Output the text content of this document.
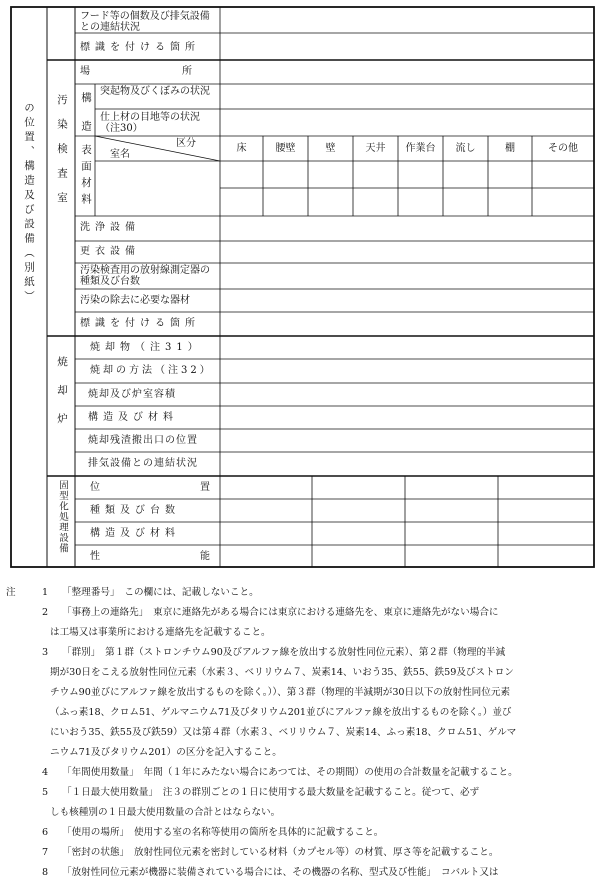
の位置、構造及び設備（別紙）
フード等の個数及び排気設備との連結状況
標識を付ける箇所
汚染検査室
場所
構造
突起物及びくぼみの状況
仕上材の目地等の状況（注30）
表面材料
区分
室名
床	腰壁	壁	天井	作業台	流し	棚	その他
洗浄設備
更衣設備
汚染検査用の放射線測定器の種類及び台数
汚染の除去に必要な器材
標識を付ける箇所
焼却炉
焼却物（注31）
焼却の方法（注32）
焼却及び炉室容積
構造及び材料
焼却残渣搬出口の位置
排気設備との連結状況
固型化処理設備 位置
種類及び台数
構造及び材料
性能
注	1 「整理番号」　この欄には、記載しないこと。
2 「事務上の連絡先」　東京に連絡先がある場合には東京における連絡先を、東京に連絡先がない場合に
は工場又は事業所における連絡先を記載すること。
3 「群別」　第１群（ストロンチウム90及びアルファ線を放出する放射性同位元素）、第２群（物理的半減
期が30日をこえる放射性同位元素（水素３、ベリリウム７、炭素14、いおう35、鉄55、鉄59及びストロン
チウム90並びにアルファ線を放出するものを除く。））、第３群（物理的半減期が30日以下の放射性同位元素
（ふっ素18、クロム51、ゲルマニウム71及びタリウム201並びにアルファ線を放出するものを除く。）並び
にいおう35、鉄55及び鉄59）又は第４群（水素３、ベリリウム７、炭素14、ふっ素18、クロム51、ゲルマ
ニウム71及びタリウム201）の区分を記入すること。
4 「年間使用数量」　年間（１年にみたない場合にあつては、その期間）の使用の合計数量を記載すること。
5 「１日最大使用数量」　注３の群別ごとの１日に使用する最大数量を記載すること。従つて、必ず
しも核種別の１日最大使用数量の合計とはならない。
6 「使用の場所」　使用する室の名称等使用の箇所を具体的に記載すること。
7 「密封の状態」　放射性同位元素を密封している材料（カプセル等）の材質、厚さ等を記載すること。
8 「放射性同位元素が機器に装備されている場合には、その機器の名称、型式及び性能」　コバルト又は
